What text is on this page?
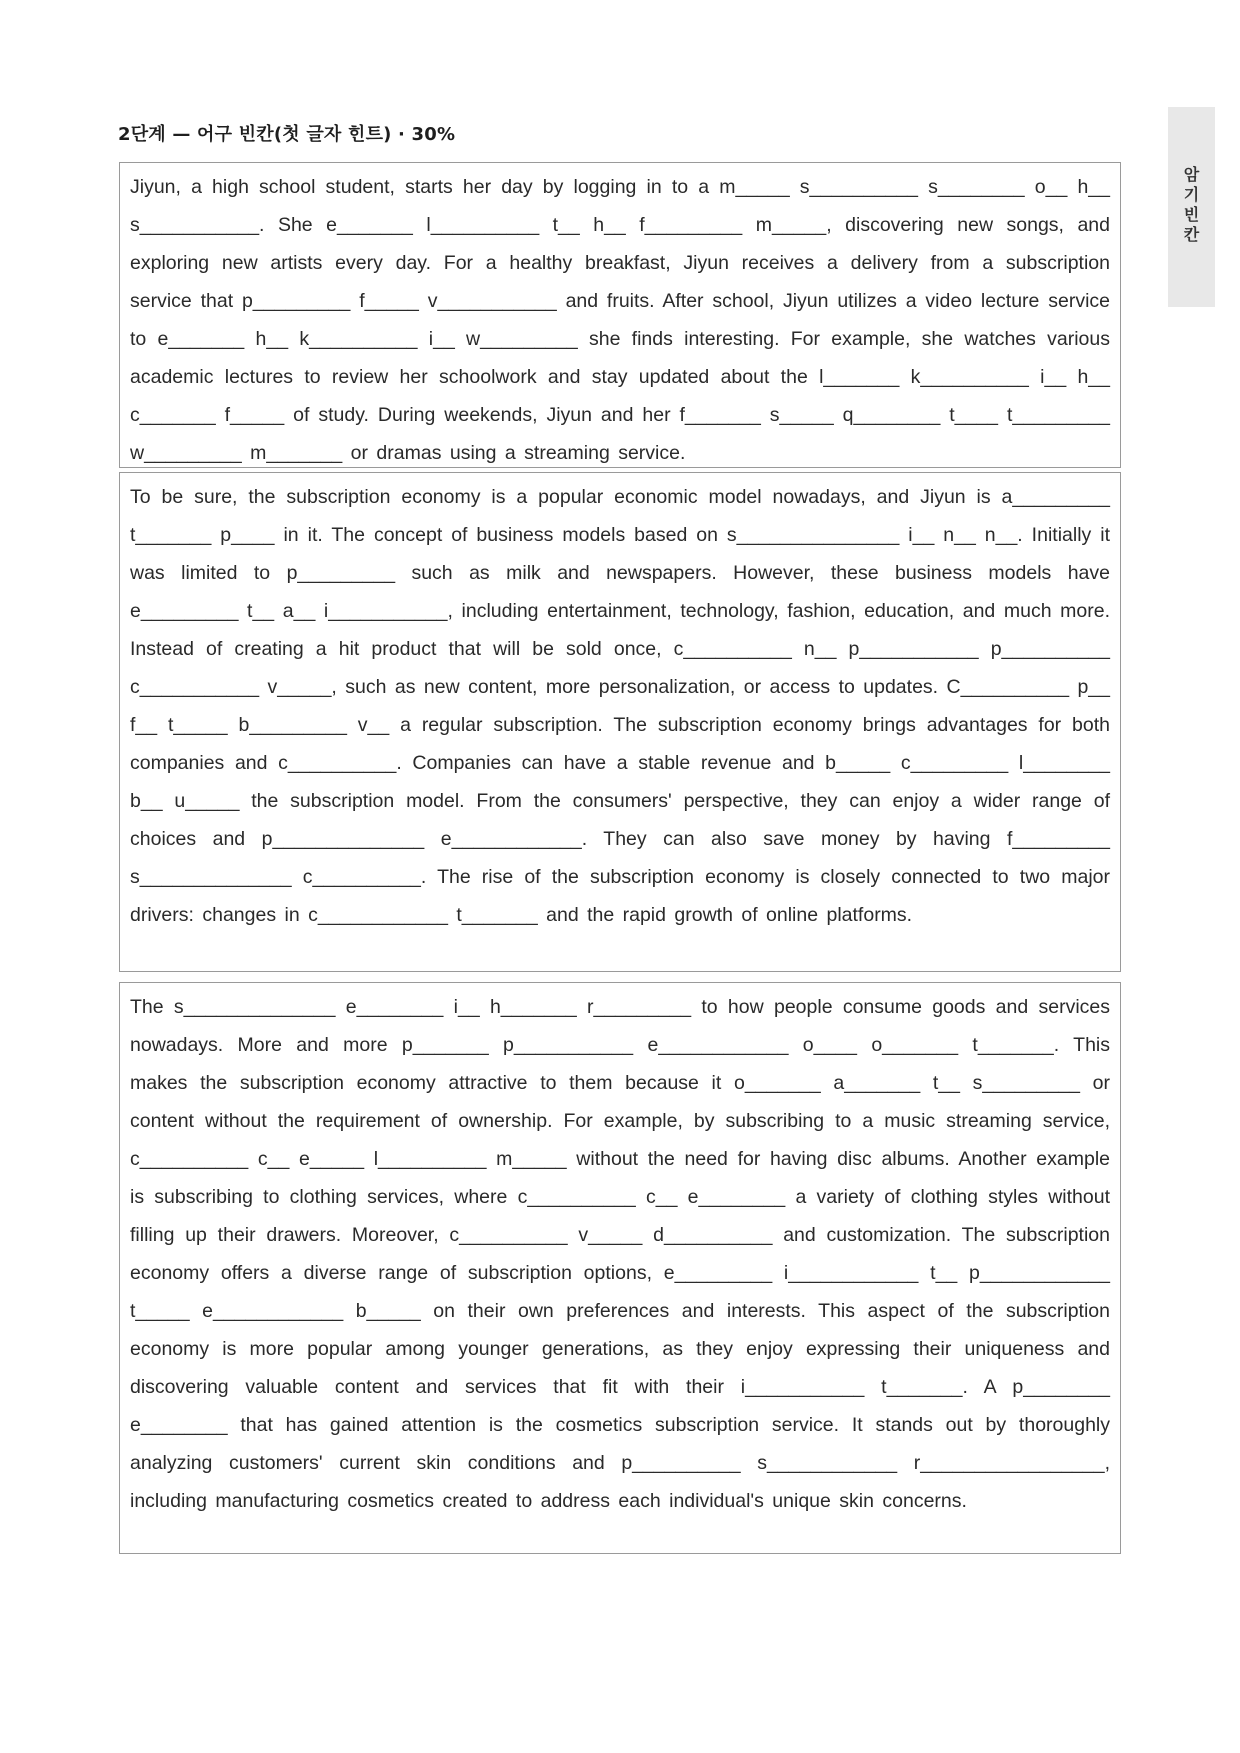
2단계 — 어구 빈칸(첫 글자 힌트) · 30%
암
기
빈
칸
Jiyun, a high school student, starts her day by logging in to a m_____ s__________ s________ o__ h__ s___________. She e_______ l__________ t__ h__ f_________ m_____, discovering new songs, and exploring new artists every day. For a healthy breakfast, Jiyun receives a delivery from a subscription service that p_________ f_____ v___________ and fruits. After school, Jiyun utilizes a video lecture service to e_______ h__ k__________ i__ w_________ she finds interesting. For example, she watches various academic lectures to review her schoolwork and stay updated about the l_______ k__________ i__ h__ c_______ f_____ of study. During weekends, Jiyun and her f_______ s_____ q________ t____ t_________ w_________ m_______ or dramas using a streaming service.
To be sure, the subscription economy is a popular economic model nowadays, and Jiyun is a_________ t_______ p____ in it. The concept of business models based on s_______________ i__ n__ n__. Initially it was limited to p_________ such as milk and newspapers. However, these business models have e_________ t__ a__ i___________, including entertainment, technology, fashion, education, and much more. Instead of creating a hit product that will be sold once, c__________ n__ p___________ p__________ c___________ v_____, such as new content, more personalization, or access to updates. C__________ p__ f__ t_____ b_________ v__ a regular subscription. The subscription economy brings advantages for both companies and c__________. Companies can have a stable revenue and b_____ c_________ l________ b__ u_____ the subscription model. From the consumers' perspective, they can enjoy a wider range of choices and p______________ e____________. They can also save money by having f_________ s______________ c__________. The rise of the subscription economy is closely connected to two major drivers: changes in c____________ t_______ and the rapid growth of online platforms.
The s______________ e________ i__ h_______ r_________ to how people consume goods and services nowadays. More and more p_______ p___________ e____________ o____ o_______ t_______. This makes the subscription economy attractive to them because it o_______ a_______ t__ s_________ or content without the requirement of ownership. For example, by subscribing to a music streaming service, c__________ c__ e_____ l__________ m_____ without the need for having disc albums. Another example is subscribing to clothing services, where c__________ c__ e________ a variety of clothing styles without filling up their drawers. Moreover, c__________ v_____ d__________ and customization. The subscription economy offers a diverse range of subscription options, e_________ i____________ t__ p____________ t_____ e____________ b_____ on their own preferences and interests. This aspect of the subscription economy is more popular among younger generations, as they enjoy expressing their uniqueness and discovering valuable content and services that fit with their i___________ t_______. A p________ e________ that has gained attention is the cosmetics subscription service. It stands out by thoroughly analyzing customers' current skin conditions and p__________ s____________ r_________________, including manufacturing cosmetics created to address each individual's unique skin concerns.
